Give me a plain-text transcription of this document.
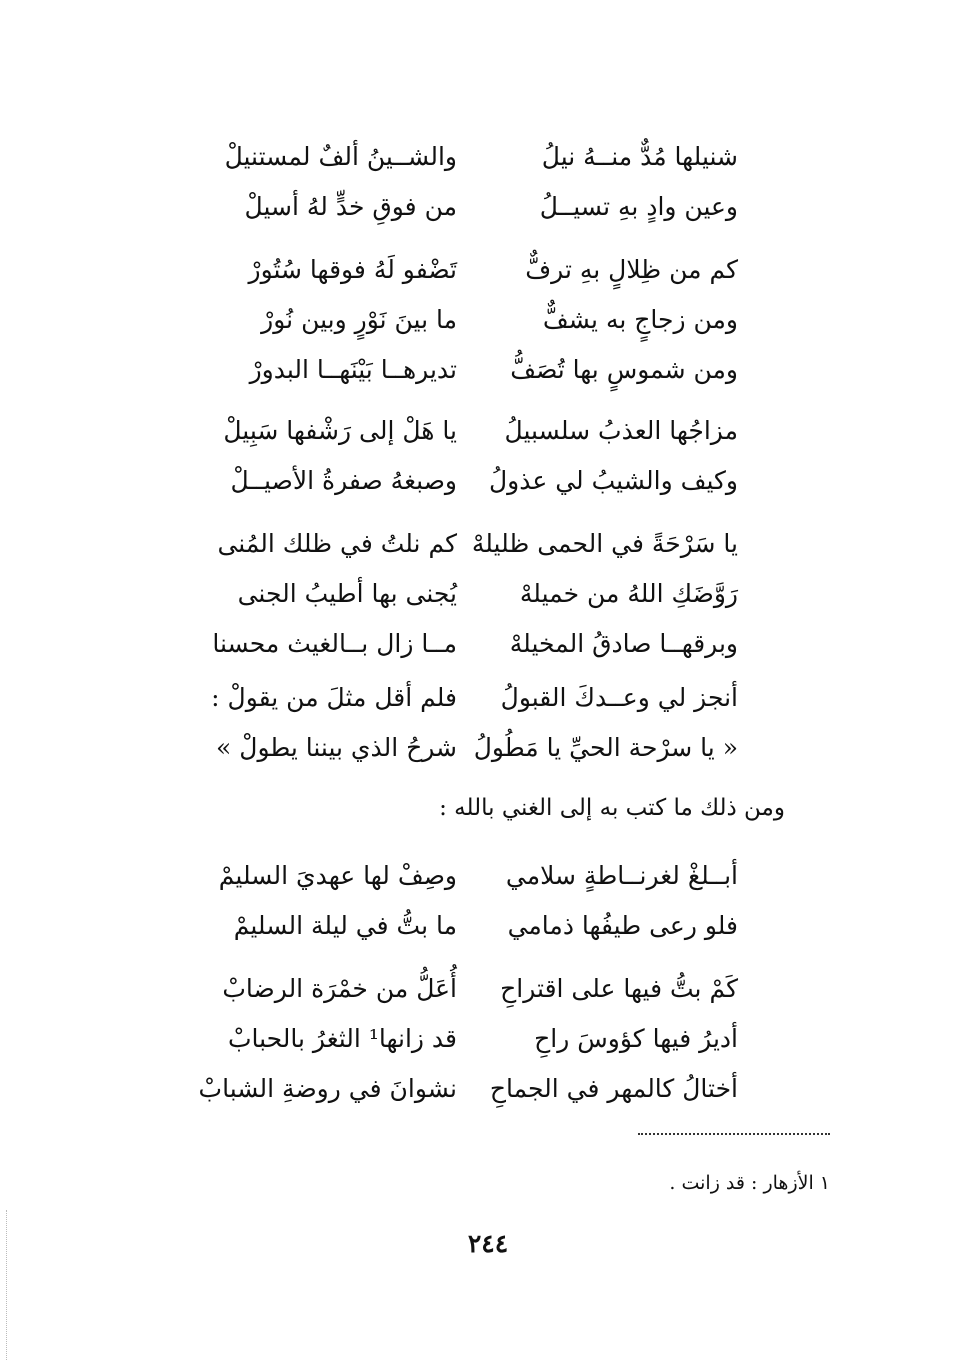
شنيلها مُدٌّ منــهُ نيلُ
والشــينُ ألفٌ لمستنيلْ
وعين وادٍ بهِ تسيــلُ
من فوقِ خدٍّ لهُ أسيلْ
كم من ظِلالٍ بهِ ترفٌّ
تَضْفو لَهُ فوقها سُتُورْ
ومن زجاجٍ به يشفٌّ
ما بينَ نَوْرٍ وبين نُورْ
ومن شموسٍ بها تُصَفُّ
تديرهــا بَيْنَهــا البدورْ
مزاجُها العذبُ سلسبيلُ
يا هَلْ إلى رَشْفها سَبِيلْ
وكيف والشيبُ لي عذولُ
وصبغهُ صفرةُ الأصيــلْ
يا سَرْحَةً في الحمى ظليلهْ
كم نلتُ في ظلك المُنى
رَوَّضَكِ اللهُ من خميلهْ
يُجنى بها أطيبُ الجنى
وبرقهــا صادقُ المخيلهْ
مــا زال بــالغيث محسنا
أنجز لي وعــدكَ القبولُ
فلم أقل مثلَ من يقولْ :
« يا سرْحة الحيِّ يا مَطُولُ
شرحُ الذي بيننا يطولْ »
ومن ذلك ما كتب به إلى الغني بالله :
أبــلغْ لغرنــاطةٍ سلامي
وصِفْ لها عهديَ السليمْ
فلو رعى طيفُها ذمامي
ما بتُّ في ليلة السليمْ
كَمْ بتُّ فيها على اقتراحِ
أُعَلُّ من خمْرَة الرضابْ
أديرُ فيها كؤوسَ راحِ
قد زانها¹ الثغرُ بالحبابْ
أختالُ كالمهر في الجماحِ
نشوانَ في روضةِ الشبابْ
١ الأزهار : قد زانت .
٢٤٤
